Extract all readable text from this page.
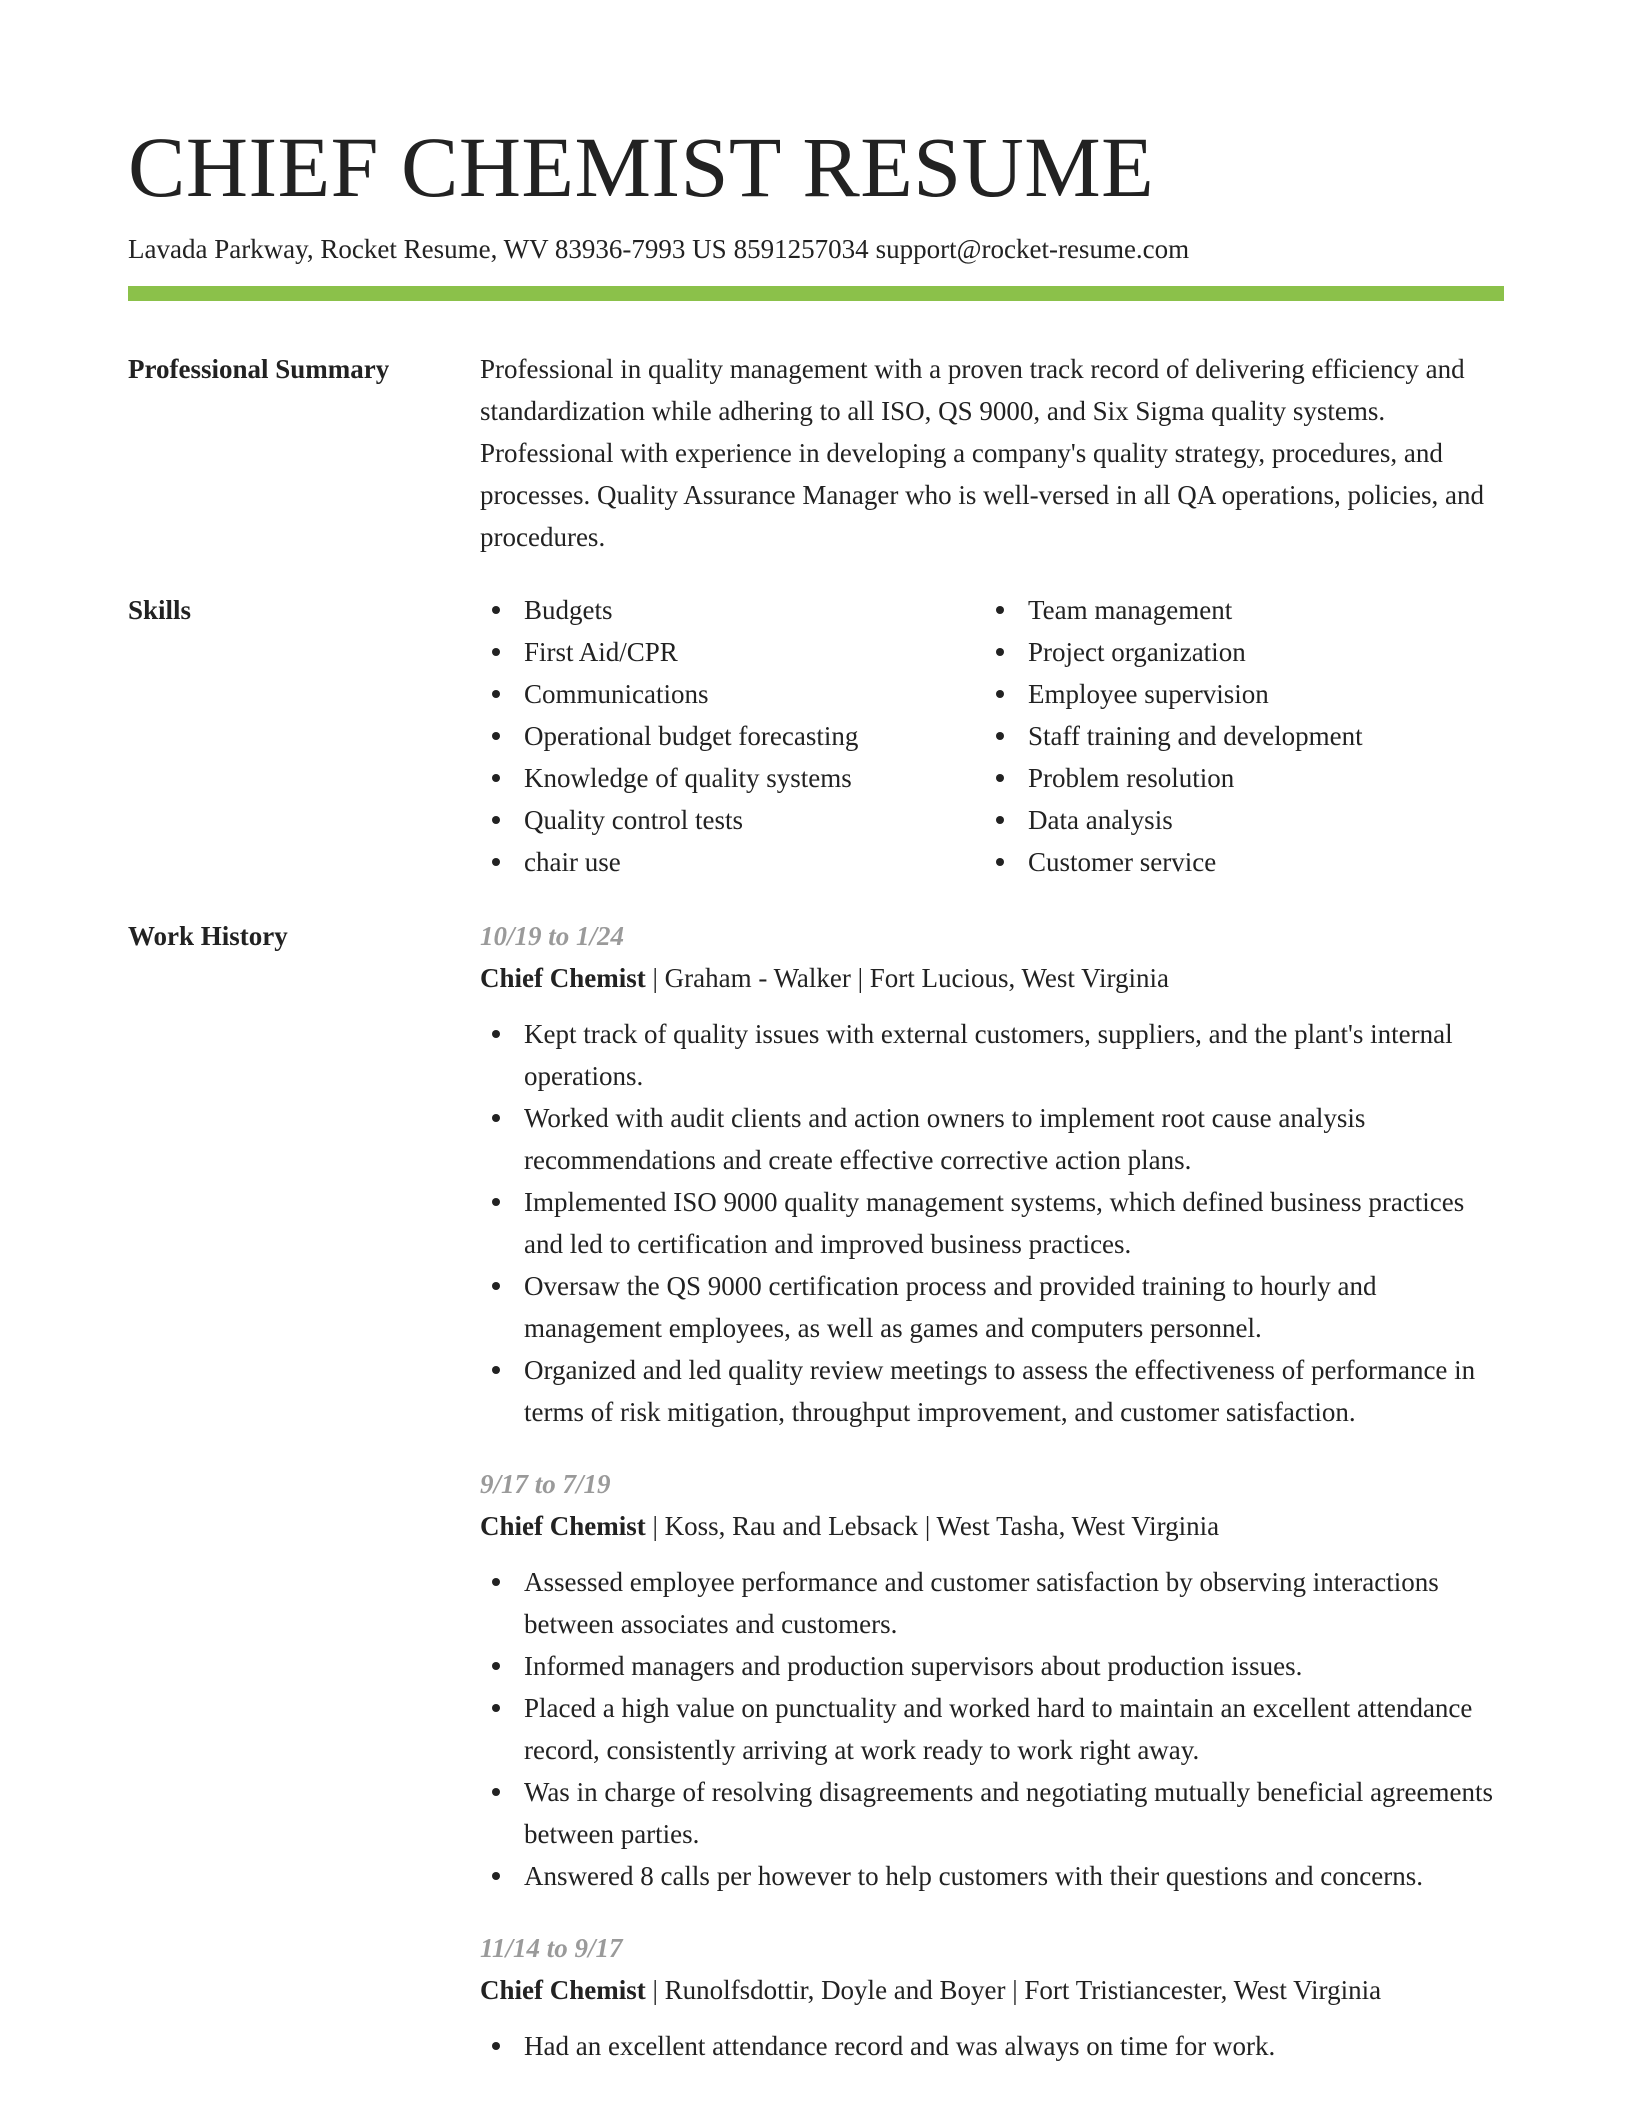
CHIEF CHEMIST RESUME
Lavada Parkway, Rocket Resume, WV 83936-7993 US 8591257034 support@rocket-resume.com
Professional Summary	Professional in quality management with a proven track record of delivering efficiency and standardization while adhering to all ISO, QS 9000, and Six Sigma quality systems. Professional with experience in developing a company's quality strategy, procedures, and processes. Quality Assurance Manager who is well-versed in all QA operations, policies, and procedures.
Skills	Budgets
First Aid/CPR
Communications
Operational budget forecasting
Knowledge of quality systems
Quality control tests
chair use
Team management
Project organization
Employee supervision
Staff training and development
Problem resolution
Data analysis
Customer service
Work History	10/19 to 1/24
Chief Chemist | Graham - Walker | Fort Lucious, West Virginia
Kept track of quality issues with external customers, suppliers, and the plant's internal operations.
Worked with audit clients and action owners to implement root cause analysis recommendations and create effective corrective action plans.
Implemented ISO 9000 quality management systems, which defined business practices and led to certification and improved business practices.
Oversaw the QS 9000 certification process and provided training to hourly and management employees, as well as games and computers personnel.
Organized and led quality review meetings to assess the effectiveness of performance in terms of risk mitigation, throughput improvement, and customer satisfaction.
9/17 to 7/19
Chief Chemist | Koss, Rau and Lebsack | West Tasha, West Virginia
Assessed employee performance and customer satisfaction by observing interactions between associates and customers.
Informed managers and production supervisors about production issues.
Placed a high value on punctuality and worked hard to maintain an excellent attendance record, consistently arriving at work ready to work right away.
Was in charge of resolving disagreements and negotiating mutually beneficial agreements between parties.
Answered 8 calls per however to help customers with their questions and concerns.
11/14 to 9/17
Chief Chemist | Runolfsdottir, Doyle and Boyer | Fort Tristiancester, West Virginia
Had an excellent attendance record and was always on time for work.
